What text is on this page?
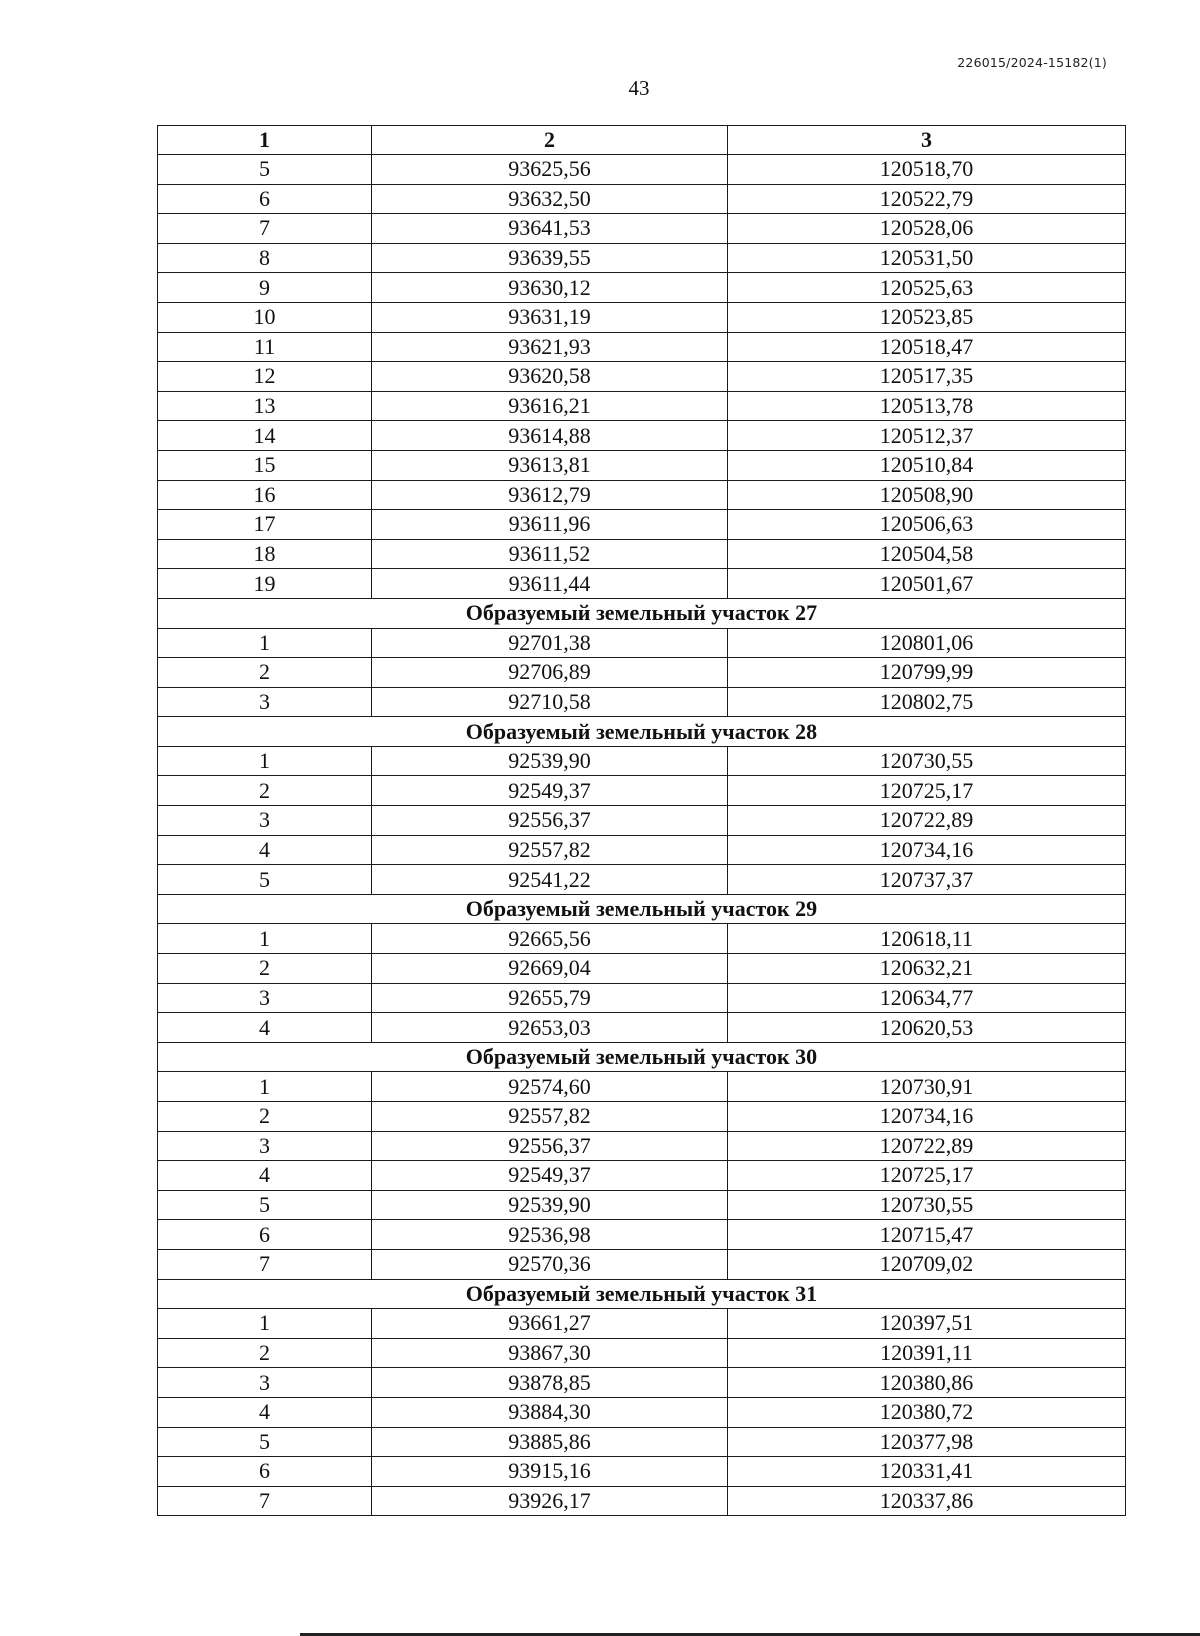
226015/2024-15182(1)
43
1	2	3
5	93625,56	120518,70
6	93632,50	120522,79
7	93641,53	120528,06
8	93639,55	120531,50
9	93630,12	120525,63
10	93631,19	120523,85
11	93621,93	120518,47
12	93620,58	120517,35
13	93616,21	120513,78
14	93614,88	120512,37
15	93613,81	120510,84
16	93612,79	120508,90
17	93611,96	120506,63
18	93611,52	120504,58
19	93611,44	120501,67
Образуемый земельный участок 27		
1	92701,38	120801,06
2	92706,89	120799,99
3	92710,58	120802,75
Образуемый земельный участок 28		
1	92539,90	120730,55
2	92549,37	120725,17
3	92556,37	120722,89
4	92557,82	120734,16
5	92541,22	120737,37
Образуемый земельный участок 29		
1	92665,56	120618,11
2	92669,04	120632,21
3	92655,79	120634,77
4	92653,03	120620,53
Образуемый земельный участок 30		
1	92574,60	120730,91
2	92557,82	120734,16
3	92556,37	120722,89
4	92549,37	120725,17
5	92539,90	120730,55
6	92536,98	120715,47
7	92570,36	120709,02
Образуемый земельный участок 31		
1	93661,27	120397,51
2	93867,30	120391,11
3	93878,85	120380,86
4	93884,30	120380,72
5	93885,86	120377,98
6	93915,16	120331,41
7	93926,17	120337,86
